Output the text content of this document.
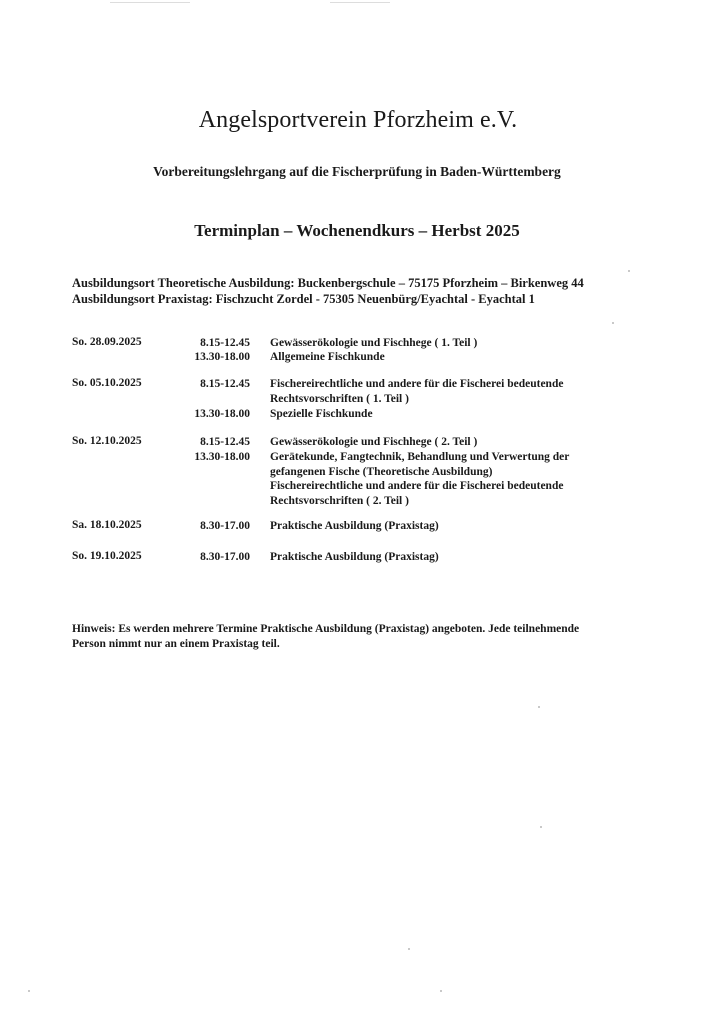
Angelsportverein Pforzheim e.V.
Vorbereitungslehrgang auf die Fischerprüfung in Baden-Württemberg
Terminplan – Wochenendkurs – Herbst 2025
Ausbildungsort Theoretische Ausbildung: Buckenbergschule – 75175 Pforzheim – Birkenweg 44
Ausbildungsort Praxistag: Fischzucht Zordel - 75305 Neuenbürg/Eyachtal - Eyachtal 1
So. 28.09.2025	8.15-12.45 Gewässerökologie und Fischhege ( 1. Teil )
13.30-18.00 Allgemeine Fischkunde
So. 05.10.2025	8.15-12.45 Fischereirechtliche und andere für die Fischerei bedeutende
Rechtsvorschriften ( 1. Teil )
13.30-18.00 Spezielle Fischkunde
So. 12.10.2025	8.15-12.45 Gewässerökologie und Fischhege ( 2. Teil )
13.30-18.00 Gerätekunde, Fangtechnik, Behandlung und Verwertung der
gefangenen Fische (Theoretische Ausbildung)
Fischereirechtliche und andere für die Fischerei bedeutende
Rechtsvorschriften ( 2. Teil )
Sa. 18.10.2025	8.30-17.00 Praktische Ausbildung (Praxistag)
So. 19.10.2025	8.30-17.00 Praktische Ausbildung (Praxistag)
Hinweis: Es werden mehrere Termine Praktische Ausbildung (Praxistag) angeboten. Jede teilnehmende
Person nimmt nur an einem Praxistag teil.
